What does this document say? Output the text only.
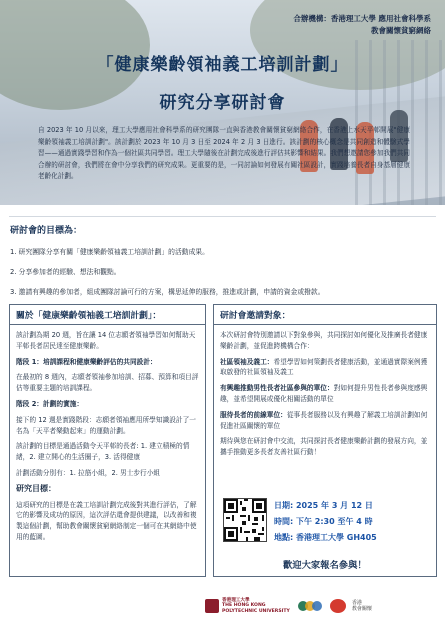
合辦機構：香港理工大學 應用社會科學系
教會關懷貧窮網絡
「健康樂齡領袖義工培訓計劃」
研究分享研討會
自 2023 年 10 月以來，理工大學應用社會科學系的研究團隊一直與香港教會關懷貧窮網絡合作，在香港上水天平邨開展"健康樂齡領袖義工培訓計劃"。該計劃於 2023 年 10 月 3 日至 2024 年 2 月 3 日進行。該計劃的核心概念是共同創造和體驗式學習——通過實踐學習和作為一個社區共同學習。理工大學隨後在計劃完成後進行評估其影響和結果。我們想邀請您參加我們共同合辦的研討會，我們將在會中分享我們的研究成果。更重要的是，一同討論如何發展有關社區設計，實踐培養長者自身基層健康老齡化計劃。
研討會的目標為：
1. 研究團隊分享有關「健康樂齡領袖義工培訓計劃」的活動成果。
2. 分享參加者的經驗、想法和觀點。
3. 邀請有興趣的參加者，組成團隊討論可行的方案，構思延伸的服務，推進或計劃，申請的資金或撥款。
關於「健康樂齡領袖義工培訓計劃」：

該計劃為期 20 週，旨在讓 14 位志願者領袖學習如何幫助天平邨長者居民達至健康樂齡。

階段 1：培訓課程和健康樂齡評估的共同設計：

在最初的 8 週內，志願者領袖參加培訓、招募、預算和項目評估等重要主題的培訓課程。

階段 2：計劃的實施：

接下的 12 週是實踐階段：志願者領袖應用所學知識設計了一名為「天平者樂動起來」的運動計劃。

該計劃的目標是通過活動令天平邨的長者: 1. 建立積極的情緒，2. 建立開心的生活圈子，3. 活得健康

計劃活動分別有：1. 拉筋小組，2. 男士步行小組

研究目標：

這項研究的目標是在義工培訓計劃完成後對其進行評估，了解它的影響及成功的原因，這次評估還會提供建議，以改善和複製這個計劃，幫助教會關懷貧窮網絡制定一個可在其網絡中使用的藍圖。

研討會邀請對象：

本次研討會特別邀請以下對象參與，共同探討如何優化及推廣長者健康樂齡計劃，並促進跨機構合作：

社區領袖及義工：希望學習如何策劃長者健康活動，並通過實際案例獲取啟發的社區領袖及義工

有興趣推動男性長者社區參與的單位：對如何提升男性長者參與度感興趣，並希望開展或優化相關活動的單位

服待長者的前線單位：從事長者服務以及有興趣了解義工培訓計劃如何促進社區關懷的單位

期待與您在研討會中交流，共同探討長者健康樂齡計劃的發展方向，並攜手推動更多長者友善社區行動！

日期: 2025 年 3 月 12 日
時間: 下午 2:30 至午 4 時
地點: 香港理工大學 GH405
歡迎大家報名參與！
香港理工大學
THE HONG KONG
POLYTECHNIC UNIVERSITY
香港
教會關懷
